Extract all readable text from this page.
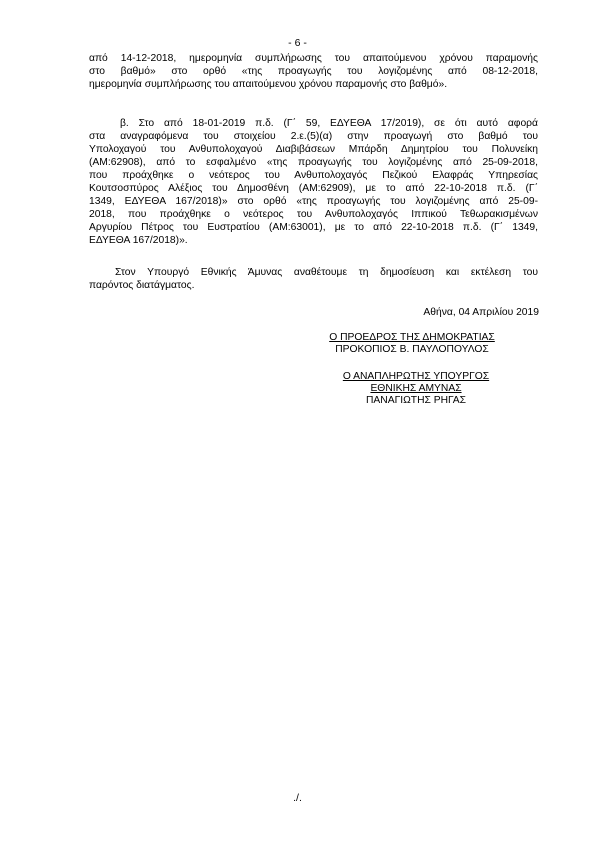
- 6 -
από 14-12-2018, ημερομηνία συμπλήρωσης του απαιτούμενου χρόνου παραμονής
στο βαθμό» στο ορθό «της προαγωγής του λογιζομένης από 08-12-2018,
ημερομηνία συμπλήρωσης του απαιτούμενου χρόνου παραμονής στο βαθμό».
β. Στο από 18-01-2019 π.δ. (Γ΄ 59, ΕΔΥΕΘΑ 17/2019), σε ότι αυτό αφορά
στα αναγραφόμενα του στοιχείου 2.ε.(5)(α) στην προαγωγή στο βαθμό του
Υπολοχαγού του Ανθυπολοχαγού Διαβιβάσεων Μπάρδη Δημητρίου του Πολυνείκη
(ΑΜ:62908), από το εσφαλμένο «της προαγωγής του λογιζομένης από 25-09-2018,
που προάχθηκε ο νεότερος του Ανθυπολοχαγός Πεζικού Ελαφράς Υπηρεσίας
Κουτσοσπύρος Αλέξιος του Δημοσθένη (ΑΜ:62909), με το από 22-10-2018 π.δ. (Γ΄
1349, ΕΔΥΕΘΑ 167/2018)» στο ορθό «της προαγωγής του λογιζομένης από 25-09-
2018, που προάχθηκε ο νεότερος του Ανθυπολοχαγός Ιππικού Τεθωρακισμένων
Αργυρίου Πέτρος του Ευστρατίου (ΑΜ:63001), με το από 22-10-2018 π.δ. (Γ΄ 1349,
ΕΔΥΕΘΑ 167/2018)».
Στον Υπουργό Εθνικής Άμυνας αναθέτουμε τη δημοσίευση και εκτέλεση του
παρόντος διατάγματος.
Αθήνα, 04 Απριλίου 2019
Ο ΠΡΟΕΔΡΟΣ ΤΗΣ ΔΗΜΟΚΡΑΤΙΑΣ
ΠΡΟΚΟΠΙΟΣ Β. ΠΑΥΛΟΠΟΥΛΟΣ
Ο ΑΝΑΠΛΗΡΩΤΗΣ ΥΠΟΥΡΓΟΣ
ΕΘΝΙΚΗΣ ΑΜΥΝΑΣ
ΠΑΝΑΓΙΩΤΗΣ ΡΗΓΑΣ
./.
